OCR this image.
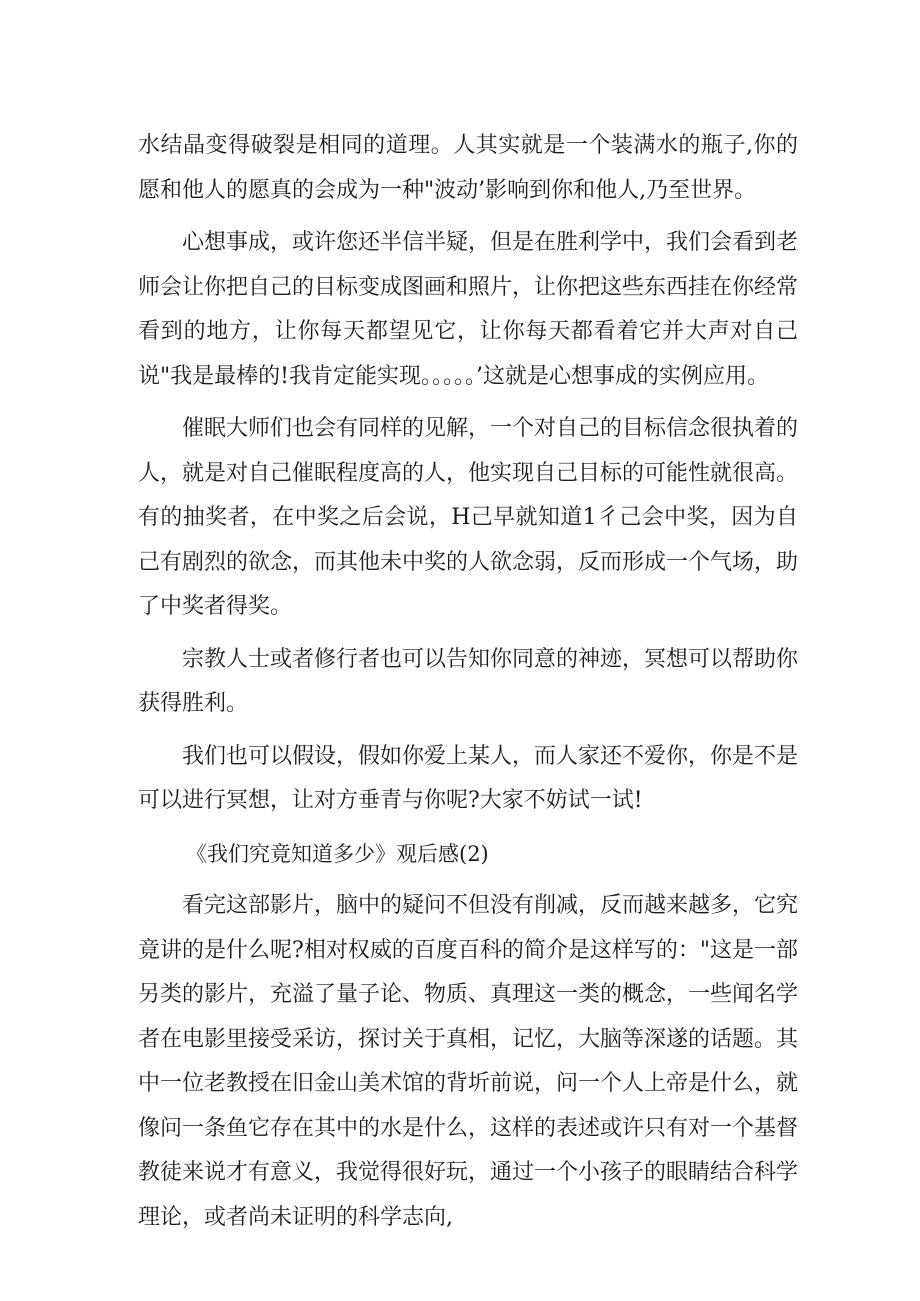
水结晶变得破裂是相同的道理。人其实就是一个装满水的瓶子,你的愿和他人的愿真的会成为一种"波动’影响到你和他人,乃至世界。

心想事成，或许您还半信半疑，但是在胜利学中，我们会看到老师会让你把自己的目标变成图画和照片，让你把这些东西挂在你经常看到的地方，让你每天都望见它，让你每天都看着它并大声对自己说"我是最棒的!我肯定能实现。。。。。’这就是心想事成的实例应用。

催眠大师们也会有同样的见解，一个对自己的目标信念很执着的人，就是对自己催眠程度高的人，他实现自己目标的可能性就很高。有的抽奖者，在中奖之后会说，H己早就知道1彳己会中奖，因为自己有剧烈的欲念，而其他未中奖的人欲念弱，反而形成一个气场，助了中奖者得奖。

宗教人士或者修行者也可以告知你同意的神迹，冥想可以帮助你获得胜利。

我们也可以假设，假如你爱上某人，而人家还不爱你，你是不是可以进行冥想，让对方垂青与你呢?大家不妨试一试!

《我们究竟知道多少》观后感(2)

看完这部影片，脑中的疑问不但没有削减，反而越来越多，它究竟讲的是什么呢?相对权威的百度百科的简介是这样写的："这是一部另类的影片，充溢了量子论、物质、真理这一类的概念，一些闻名学者在电影里接受采访，探讨关于真相，记忆，大脑等深遂的话题。其中一位老教授在旧金山美术馆的背圻前说，问一个人上帝是什么，就像问一条鱼它存在其中的水是什么，这样的表述或许只有对一个基督教徒来说才有意义，我觉得很好玩，通过一个小孩子的眼睛结合科学理论，或者尚未证明的科学志向,
